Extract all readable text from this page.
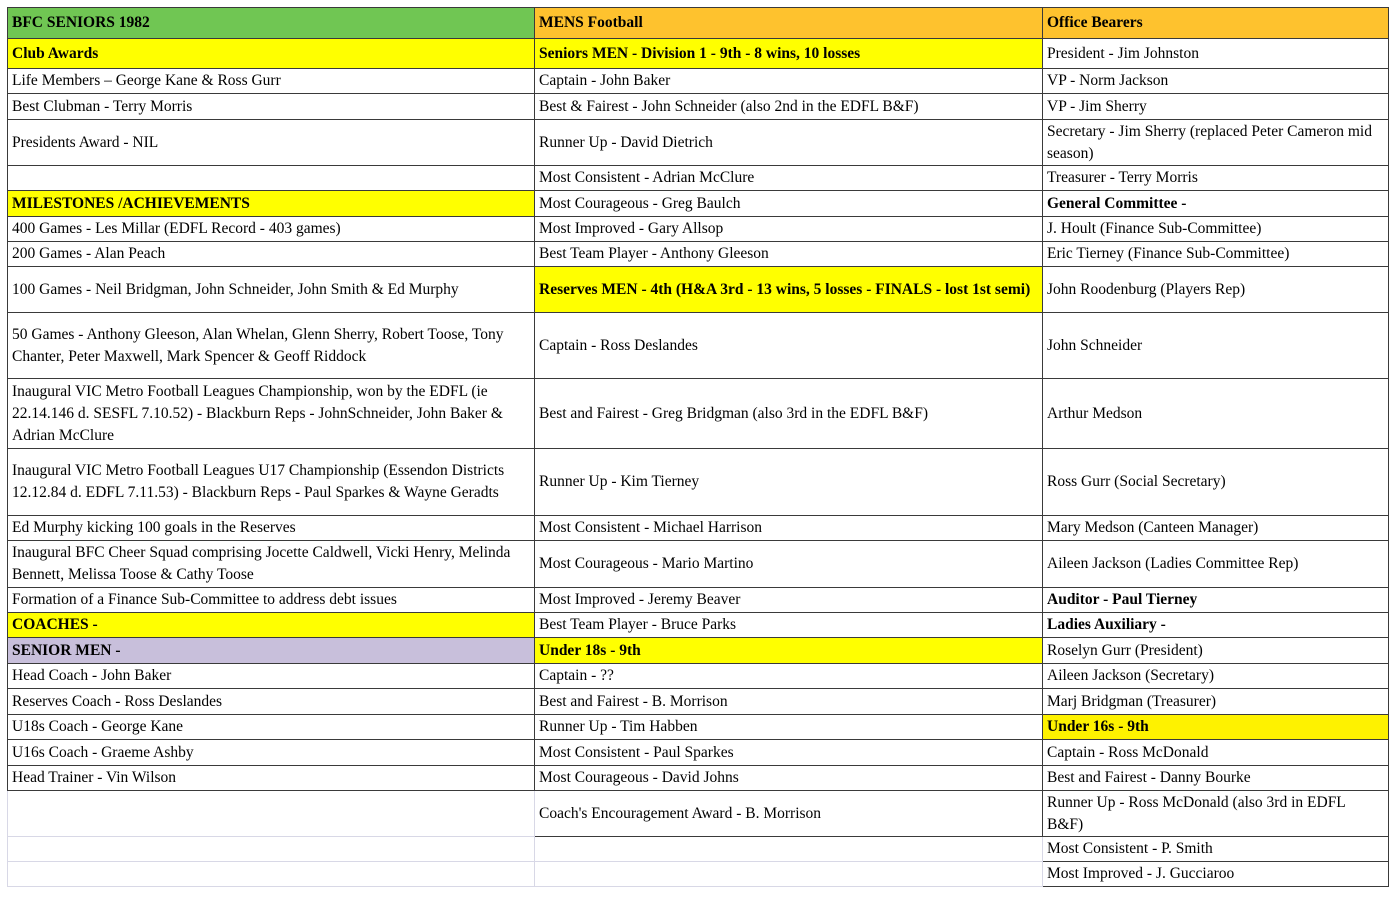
BFC SENIORS 1982	MENS Football	Office Bearers
Club Awards	Seniors MEN - Division 1 - 9th - 8 wins, 10 losses	President - Jim Johnston
Life Members – George Kane & Ross Gurr	Captain - John Baker	VP - Norm Jackson
Best Clubman - Terry Morris	Best & Fairest - John Schneider (also 2nd in the EDFL B&F)	VP - Jim Sherry
Presidents Award - NIL	Runner Up - David Dietrich	Secretary - Jim Sherry (replaced Peter Cameron mid season)
	Most Consistent - Adrian McClure	Treasurer - Terry Morris
MILESTONES /ACHIEVEMENTS	Most Courageous - Greg Baulch	General Committee -
400 Games - Les Millar (EDFL Record - 403 games)	Most Improved - Gary Allsop	J. Hoult (Finance Sub-Committee)
200 Games - Alan Peach	Best Team Player - Anthony Gleeson	Eric Tierney (Finance Sub-Committee)
100 Games - Neil Bridgman, John Schneider, John Smith & Ed Murphy	Reserves MEN - 4th (H&A 3rd - 13 wins, 5 losses - FINALS - lost 1st semi)	John Roodenburg (Players Rep)
50 Games - Anthony Gleeson, Alan Whelan, Glenn Sherry, Robert Toose, Tony Chanter, Peter Maxwell, Mark Spencer & Geoff Riddock	Captain - Ross Deslandes	John Schneider
Inaugural VIC Metro Football Leagues Championship, won by the EDFL (ie 22.14.146 d. SESFL 7.10.52) - Blackburn Reps - JohnSchneider, John Baker & Adrian McClure	Best and Fairest - Greg Bridgman (also 3rd in the EDFL B&F)	Arthur Medson
Inaugural VIC Metro Football Leagues U17 Championship (Essendon Districts 12.12.84 d. EDFL 7.11.53) - Blackburn Reps - Paul Sparkes & Wayne Geradts	Runner Up - Kim Tierney	Ross Gurr (Social Secretary)
Ed Murphy kicking 100 goals in the Reserves	Most Consistent - Michael Harrison	Mary Medson (Canteen Manager)
Inaugural BFC Cheer Squad comprising Jocette Caldwell, Vicki Henry, Melinda Bennett, Melissa Toose & Cathy Toose	Most Courageous - Mario Martino	Aileen Jackson (Ladies Committee Rep)
Formation of a Finance Sub-Committee to address debt issues	Most Improved - Jeremy Beaver	Auditor - Paul Tierney
COACHES -	Best Team Player - Bruce Parks	Ladies Auxiliary -
SENIOR MEN -	Under 18s - 9th	Roselyn Gurr (President)
Head Coach - John Baker	Captain - ??	Aileen Jackson (Secretary)
Reserves Coach - Ross Deslandes	Best and Fairest - B. Morrison	Marj Bridgman (Treasurer)
U18s Coach - George Kane	Runner Up - Tim Habben	Under 16s - 9th
U16s Coach - Graeme Ashby	Most Consistent - Paul Sparkes	Captain - Ross McDonald
Head Trainer - Vin Wilson	Most Courageous - David Johns	Best and Fairest - Danny Bourke
	Coach's Encouragement Award - B. Morrison	Runner Up - Ross McDonald (also 3rd in EDFL B&F)
		Most Consistent - P. Smith
		Most Improved - J. Gucciaroo
